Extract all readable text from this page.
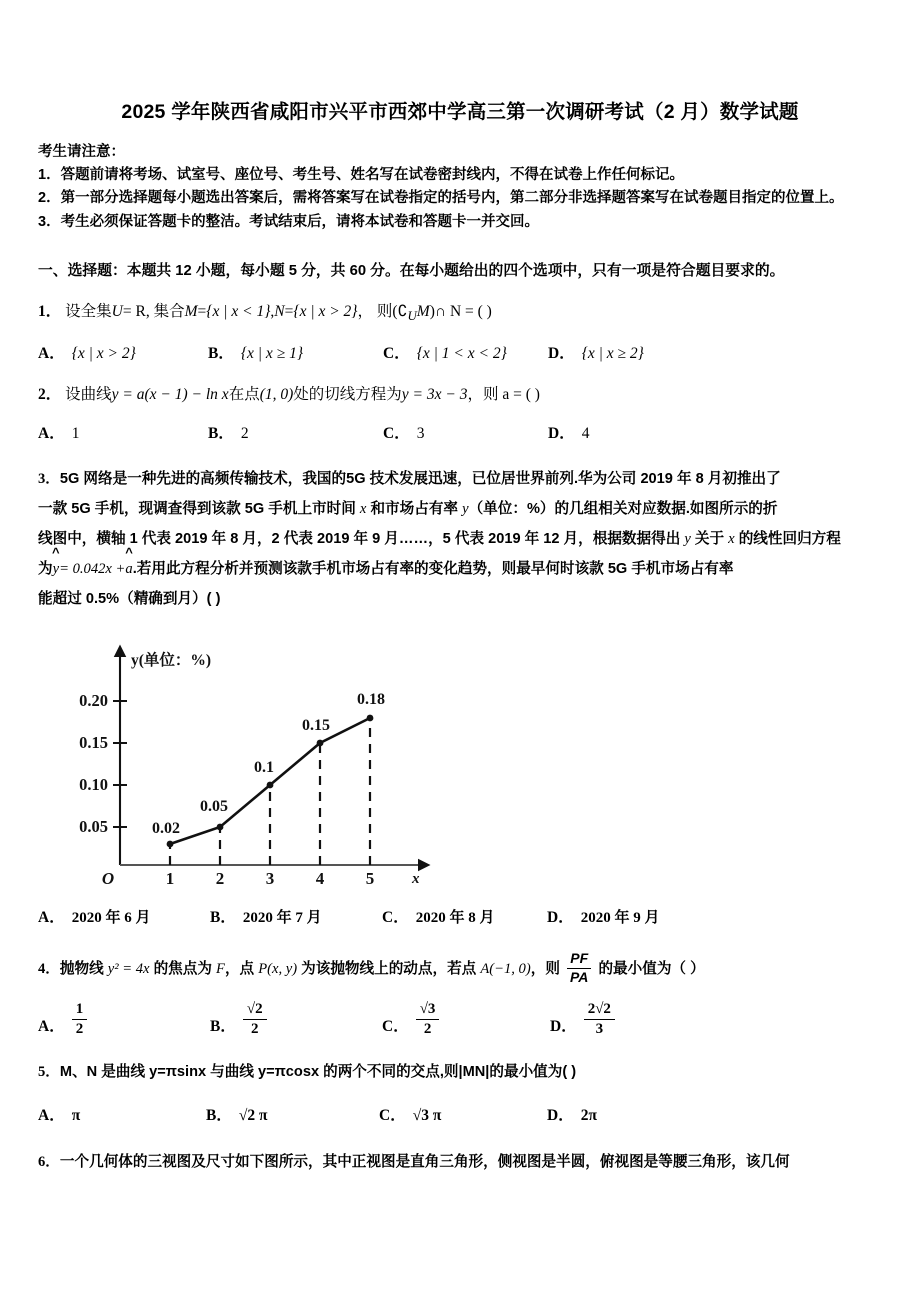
2025 学年陕西省咸阳市兴平市西郊中学高三第一次调研考试（2 月）数学试题
考生请注意：
1．答题前请将考场、试室号、座位号、考生号、姓名写在试卷密封线内，不得在试卷上作任何标记。
2．第一部分选择题每小题选出答案后，需将答案写在试卷指定的括号内，第二部分非选择题答案写在试卷题目指定的位置上。
3．考生必须保证答题卡的整洁。考试结束后，请将本试卷和答题卡一并交回。
一、选择题：本题共 12 小题，每小题 5 分，共 60 分。在每小题给出的四个选项中，只有一项是符合题目要求的。
1． 设全集U= R, 集合M={x | x < 1},N={x | x > 2}， 则$(∁_UM)\cap$ N = ( )
A． {x | x > 2}	B． {x | x ≥ 1}	C． {x | 1 < x < 2}	D． {x | x ≥ 2}
2． 设曲线y = a(x − 1) − ln x在点(1, 0)处的切线方程为y = 3x − 3，则 a = ( )
A． 1	B． 2	C． 3	D． 4
3．5G 网络是一种先进的高频传输技术，我国的5G 技术发展迅速，已位居世界前列.华为公司 2019 年 8 月初推出了
一款 5G 手机，现调查得到该款 5G 手机上市时间 x 和市场占有率 y（单位：%）的几组相关对应数据.如图所示的折
线图中，横轴 1 代表 2019 年 8 月，2 代表 2019 年 9 月……，5 代表 2019 年 12 月，根据数据得出 y 关于 x 的线性回归方程
为
^
y= 0.042x +
^
a.若用此方程分析并预测该款手机市场占有率的变化趋势，则最早何时该款 5G 手机市场占有率
能超过 0.5%（精确到月）( )
0.05
0.10
0.15
0.20
y(单位：%)
O	x
1 2 3 4 5
0.02
0.05
0.1
0.15
0.18
A． 2020 年 6 月	B． 2020 年 7 月	C． 2020 年 8 月	D． 2020 年 9 月
4．抛物线 y² = 4x 的焦点为 F，点 P(x, y) 为该抛物线上的动点，若点 A(−1, 0)，则 $\frac{PF}{PA}$ 的最小值为（ ）
A． $\frac{1}{2}$	B． $\frac{√2}{2}$	C． $\frac{√3}{2}$	D． $\frac{2√2}{3}$
5．M、N 是曲线 y=πsinx 与曲线 y=πcosx 的两个不同的交点,则|MN|的最小值为( )
A． π	B． √2 π	C． √3 π	D． 2π
6．一个几何体的三视图及尺寸如下图所示，其中正视图是直角三角形，侧视图是半圆，俯视图是等腰三角形，该几何
